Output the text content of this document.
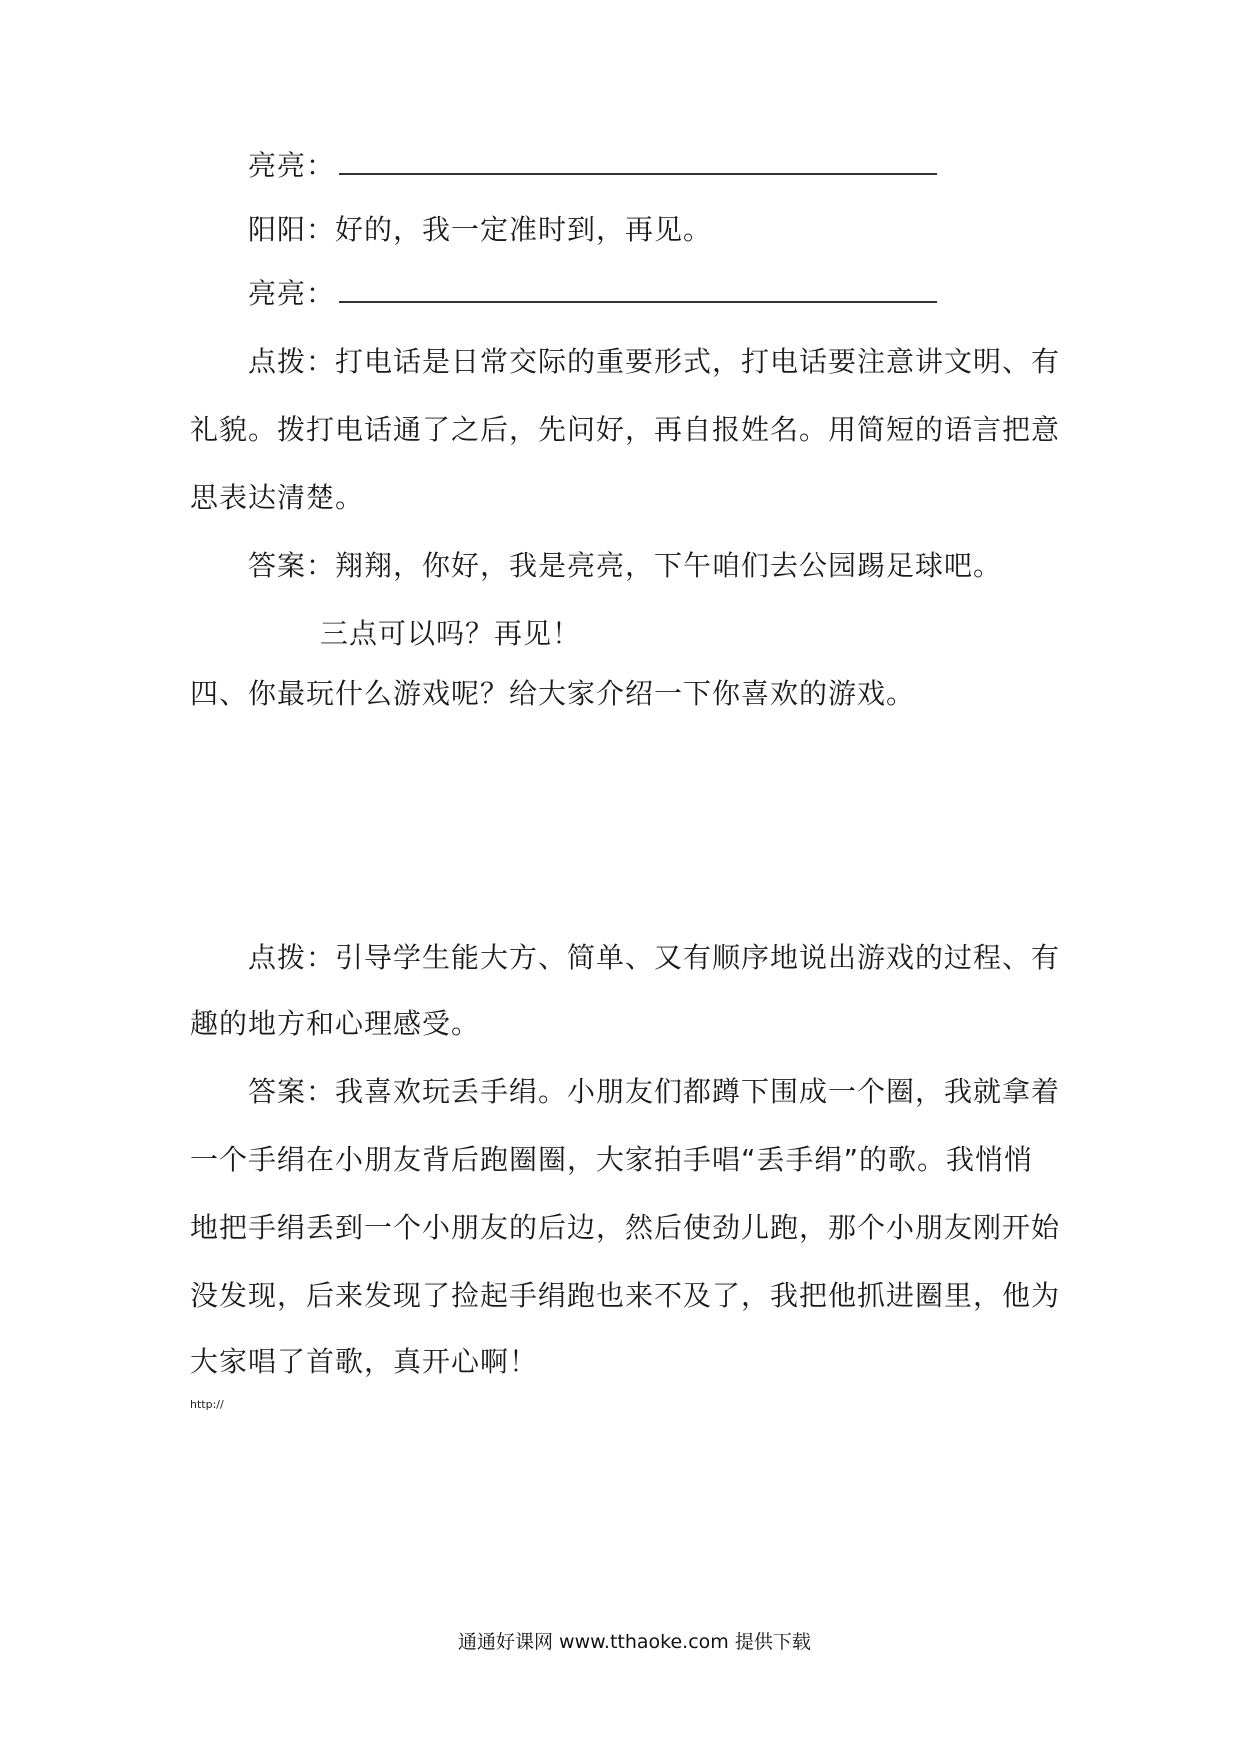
亮亮：
阳阳：好的，我一定准时到，再见。
亮亮：
点拨：打电话是日常交际的重要形式，打电话要注意讲文明、有
礼貌。拨打电话通了之后，先问好，再自报姓名。用简短的语言把意
思表达清楚。
答案：翔翔，你好，我是亮亮，下午咱们去公园踢足球吧。
三点可以吗？再见！
四、你最玩什么游戏呢？给大家介绍一下你喜欢的游戏。
点拨：引导学生能大方、简单、又有顺序地说出游戏的过程、有
趣的地方和心理感受。
答案：我喜欢玩丢手绢。小朋友们都蹲下围成一个圈，我就拿着
一个手绢在小朋友背后跑圈圈，大家拍手唱“丢手绢”的歌。我悄悄
地把手绢丢到一个小朋友的后边，然后使劲儿跑，那个小朋友刚开始
没发现，后来发现了捡起手绢跑也来不及了，我把他抓进圈里，他为
大家唱了首歌，真开心啊！
http://
通通好课网 www.tthaoke.com 提供下载
